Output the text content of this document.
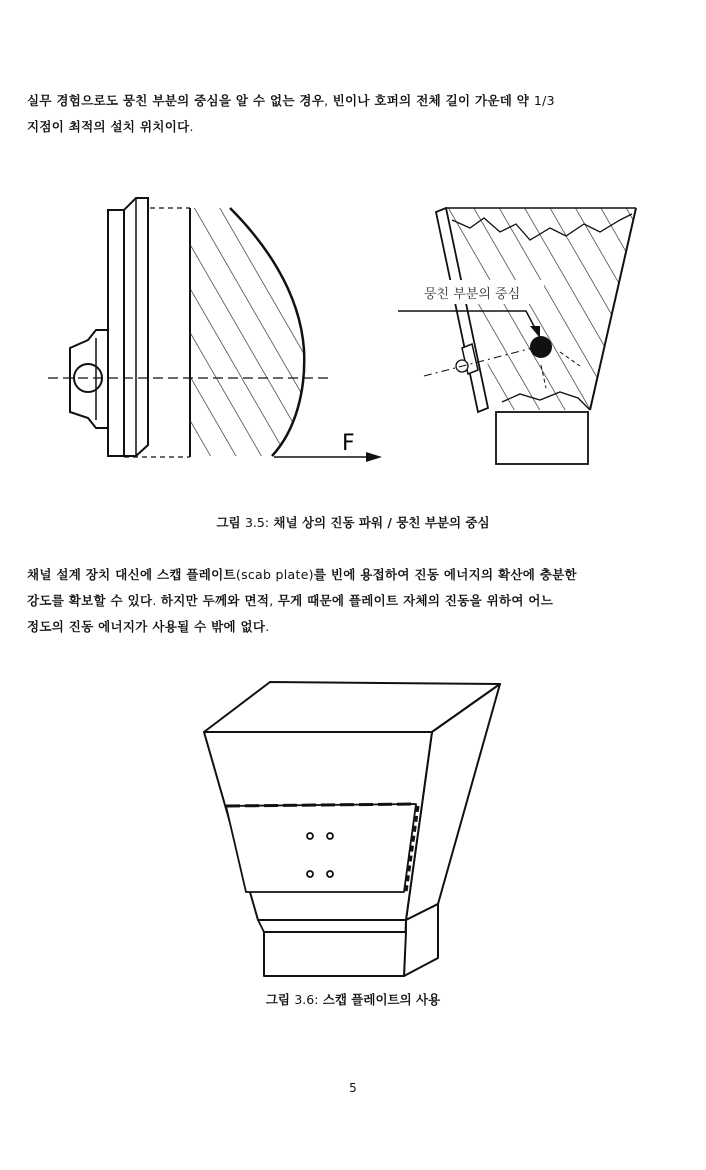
실무 경험으로도 뭉친 부분의 중심을 알 수 없는 경우, 빈이나 호퍼의 전체 길이 가운데 약 1/3
지점이 최적의 설치 위치이다.
F
뭉친 부분의 중심
그림 3.5: 채널 상의 진동 파워 / 뭉친 부분의 중심
채널 설계 장치 대신에 스캡 플레이트(scab plate)를 빈에 용접하여 진동 에너지의 확산에 충분한
강도를 확보할 수 있다. 하지만 두께와 면적, 무게 때문에 플레이트 자체의 진동을 위하여 어느
정도의 진동 에너지가 사용될 수 밖에 없다.
그림 3.6: 스캡 플레이트의 사용
5
